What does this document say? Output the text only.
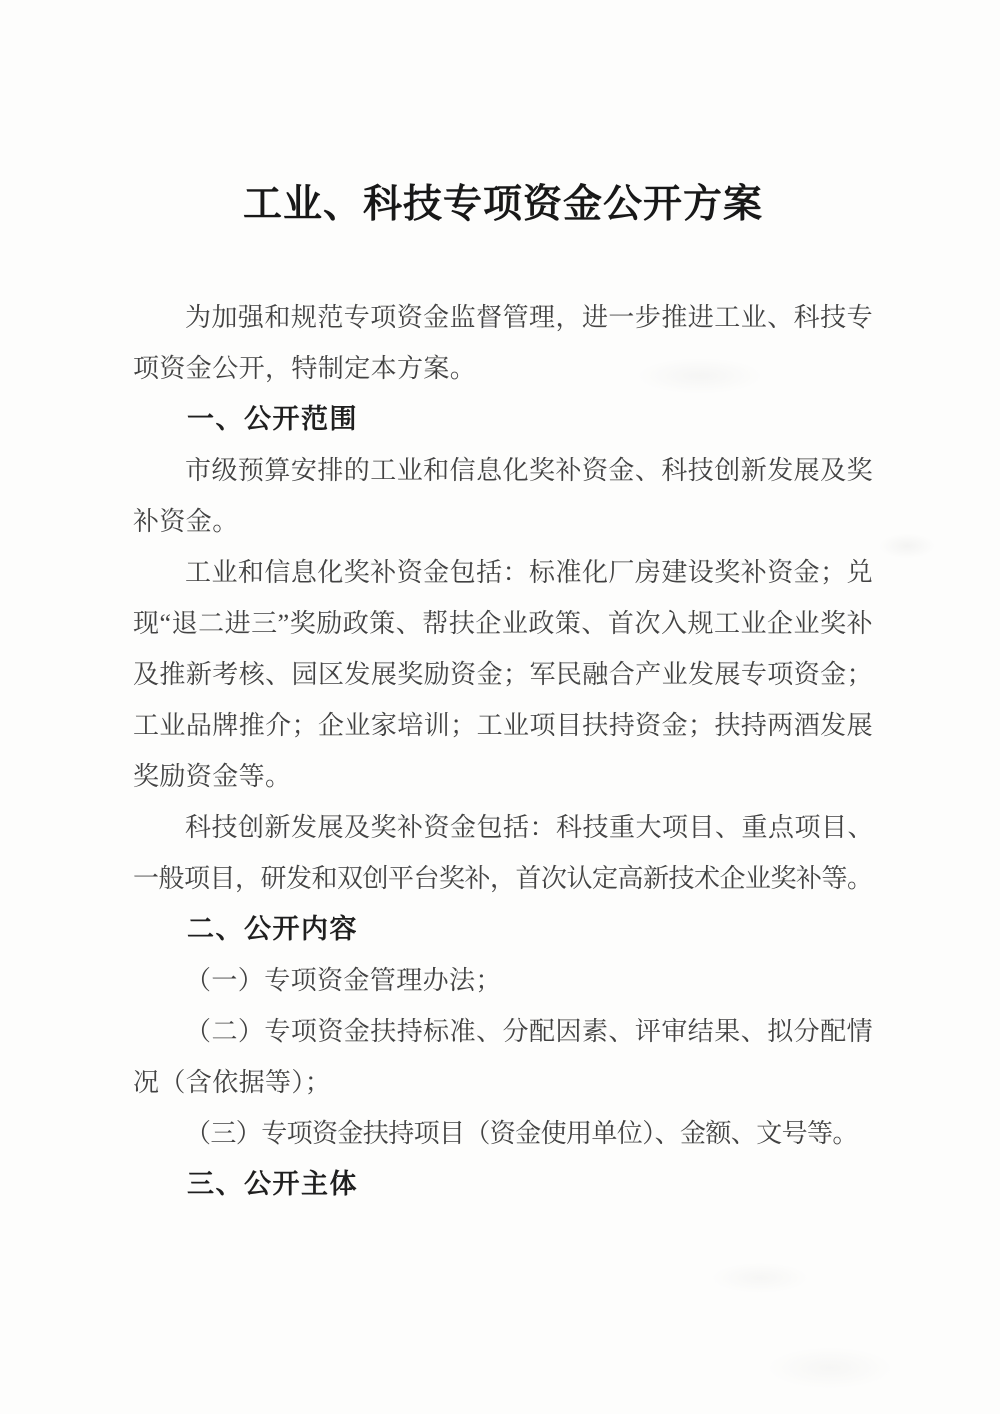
工业、科技专项资金公开方案

为加强和规范专项资金监督管理，进一步推进工业、科技专项资金公开，特制定本方案。

一、公开范围

市级预算安排的工业和信息化奖补资金、科技创新发展及奖补资金。

工业和信息化奖补资金包括：标准化厂房建设奖补资金；兑现“退二进三”奖励政策、帮扶企业政策、首次入规工业企业奖补及推新考核、园区发展奖励资金；军民融合产业发展专项资金；工业品牌推介；企业家培训；工业项目扶持资金；扶持两酒发展奖励资金等。

科技创新发展及奖补资金包括：科技重大项目、重点项目、一般项目，研发和双创平台奖补，首次认定高新技术企业奖补等。

二、公开内容

（一）专项资金管理办法；

（二）专项资金扶持标准、分配因素、评审结果、拟分配情况（含依据等）；

（三）专项资金扶持项目（资金使用单位）、金额、文号等。

三、公开主体
